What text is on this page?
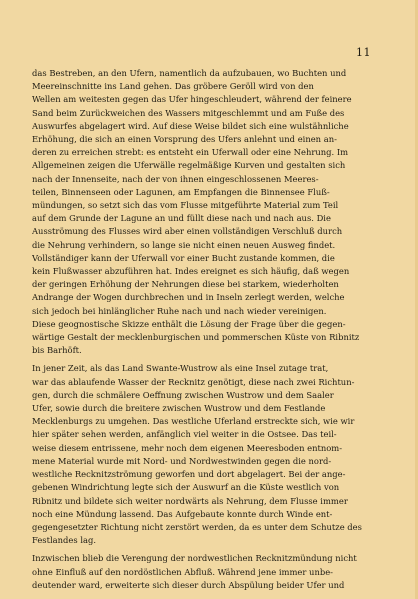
11

das Bestreben, an den Ufern, namentlich da aufzubauen, wo Buchten und
Meereinschnitte ins Land gehen. Das gröbere Geröll wird von den
Wellen am weitesten gegen das Ufer hingeschleudert, während der feinere
Sand beim Zurückweichen des Wassers mitgeschlemmt und am Fuße des
Auswurfes abgelagert wird. Auf diese Weise bildet sich eine wulstähnliche
Erhöhung, die sich an einen Vorsprung des Ufers anlehnt und einen an-
deren zu erreichen strebt: es entsteht ein Uferwall oder eine Nehrung. Im
Allgemeinen zeigen die Uferwälle regelmäßige Kurven und gestalten sich
nach der Innenseite, nach der von ihnen eingeschlossenen Meeres-
teilen, Binnenseen oder Lagunen, am Empfangen die Binnensee Fluß-
mündungen, so setzt sich das vom Flusse mitgeführte Material zum Teil
auf dem Grunde der Lagune an und füllt diese nach und nach aus. Die
Ausströmung des Flusses wird aber einen vollständigen Verschluß durch
die Nehrung verhindern, so lange sie nicht einen neuen Ausweg findet.
Vollständiger kann der Uferwall vor einer Bucht zustande kommen, die
kein Flußwasser abzuführen hat. Indes ereignet es sich häufig, daß wegen
der geringen Erhöhung der Nehrungen diese bei starkem, wiederholten
Andrange der Wogen durchbrechen und in Inseln zerlegt werden, welche
sich jedoch bei hinlänglicher Ruhe nach und nach wieder vereinigen.
Diese geognostische Skizze enthält die Lösung der Frage über die gegen-
wärtige Gestalt der mecklenburgischen und pommerschen Küste von Ribnitz
bis Barhöft.

In jener Zeit, als das Land Swante-Wustrow als eine Insel zutage trat,
war das ablaufende Wasser der Recknitz genötigt, diese nach zwei Richtun-
gen, durch die schmälere Oeffnung zwischen Wustrow und dem Saaler
Ufer, sowie durch die breitere zwischen Wustrow und dem Festlande
Mecklenburgs zu umgehen. Das westliche Uferland erstreckte sich, wie wir
hier später sehen werden, anfänglich viel weiter in die Ostsee. Das teil-
weise diesem entrissene, mehr noch dem eigenen Meeresboden entnom-
mene Material wurde mit Nord- und Nordwestwinden gegen die nord-
westliche Recknitzströmung geworfen und dort abgelagert. Bei der ange-
gebenen Windrichtung legte sich der Auswurf an die Küste westlich von
Ribnitz und bildete sich weiter nordwärts als Nehrung, dem Flusse immer
noch eine Mündung lassend. Das Aufgebaute konnte durch Winde ent-
gegengesetzter Richtung nicht zerstört werden, da es unter dem Schutze des
Festlandes lag.

Inzwischen blieb die Verengung der nordwestlichen Recknitzmündung nicht
ohne Einfluß auf den nordöstlichen Abfluß. Während jene immer unbe-
deutender ward, erweiterte sich dieser durch Abspülung beider Ufer und
